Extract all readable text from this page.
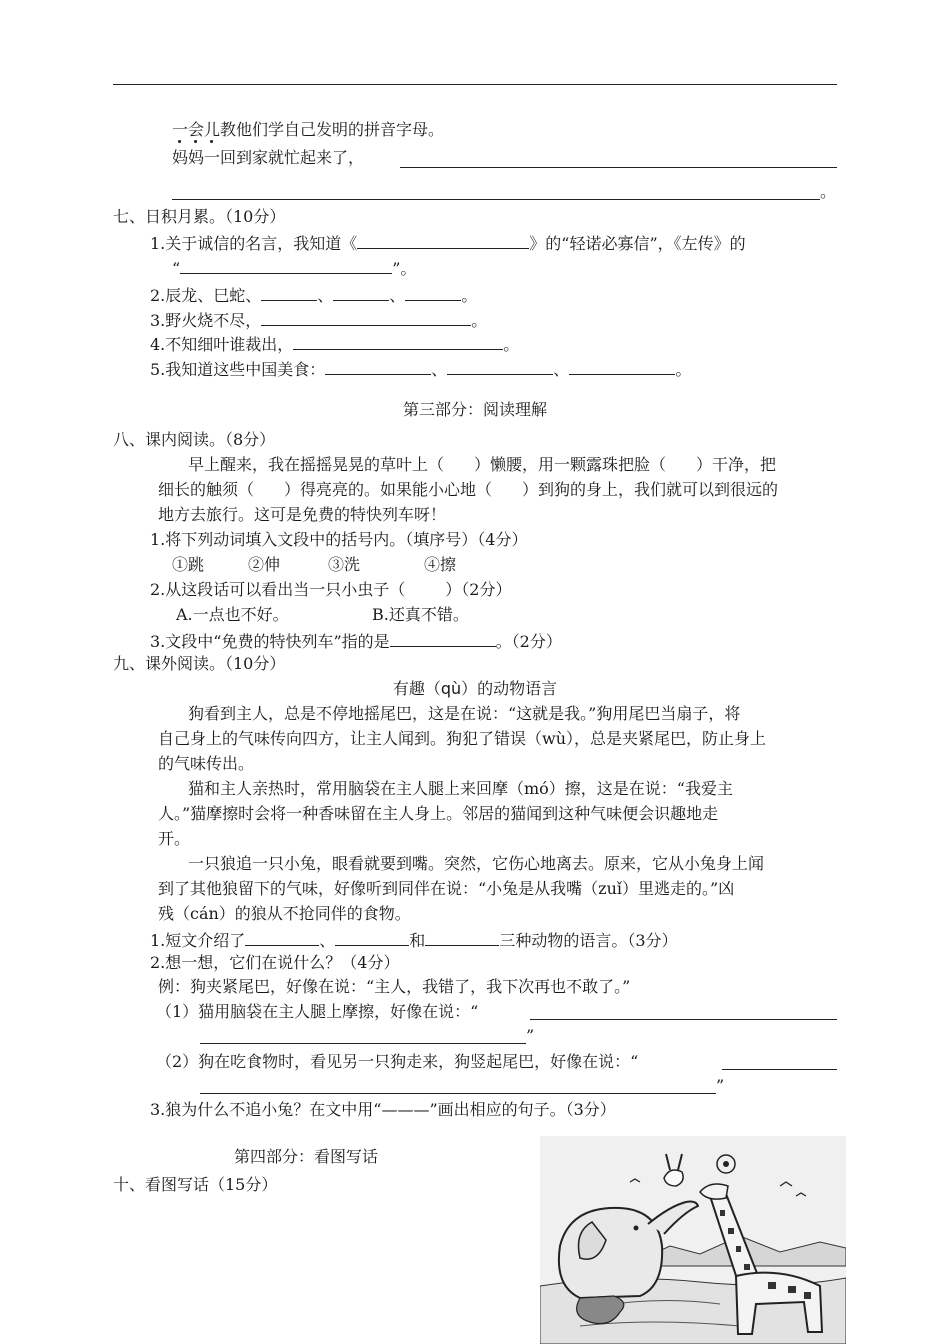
一会儿教他们学自己发明的拼音字母。
妈妈一回到家就忙起来了，
。
七、日积月累。（10分）
1.关于诚信的名言，我知道《	》的“轻诺必寡信”，《左传》的
“	”。
2.辰龙、巳蛇、	、	、	。
3.野火烧不尽，	。
4.不知细叶谁裁出，	。
5.我知道这些中国美食：	、	、	。
第三部分：阅读理解
八、课内阅读。（8分）
早上醒来，我在摇摇晃晃的草叶上（ ）懒腰，用一颗露珠把脸（ ）干净，把
细长的触须（ ）得亮亮的。如果能小心地（ ）到狗的身上，我们就可以到很远的
地方去旅行。这可是免费的特快列车呀！
1.将下列动词填入文段中的括号内。（填序号）（4分）
①跳	②伸	③洗	④擦
2.从这段话可以看出当一只小虫子（	）（2分）
A.一点也不好。	B.还真不错。
3.文段中“免费的特快列车”指的是	。（2分）
九、课外阅读。（10分）
有趣（qù）的动物语言
狗看到主人，总是不停地摇尾巴，这是在说：“这就是我。”狗用尾巴当扇子，将
自己身上的气味传向四方，让主人闻到。狗犯了错误（wù），总是夹紧尾巴，防止身上
的气味传出。
猫和主人亲热时，常用脑袋在主人腿上来回摩（mó）擦，这是在说：“我爱主
人。”猫摩擦时会将一种香味留在主人身上。邻居的猫闻到这种气味便会识趣地走
开。
一只狼追一只小兔，眼看就要到嘴。突然，它伤心地离去。原来，它从小兔身上闻
到了其他狼留下的气味，好像听到同伴在说：“小兔是从我嘴（zuǐ）里逃走的。”凶
残（cán）的狼从不抢同伴的食物。
1.短文介绍了	、	和	三种动物的语言。（3分）
2.想一想，它们在说什么？（4分）
例：狗夹紧尾巴，好像在说：“主人，我错了，我下次再也不敢了。”
（1）猫用脑袋在主人腿上摩擦，好像在说：“
”
（2）狗在吃食物时，看见另一只狗走来，狗竖起尾巴，好像在说：“
”
3.狼为什么不追小兔？在文中用“———”画出相应的句子。（3分）
第四部分：看图写话
十、看图写话（15分）
